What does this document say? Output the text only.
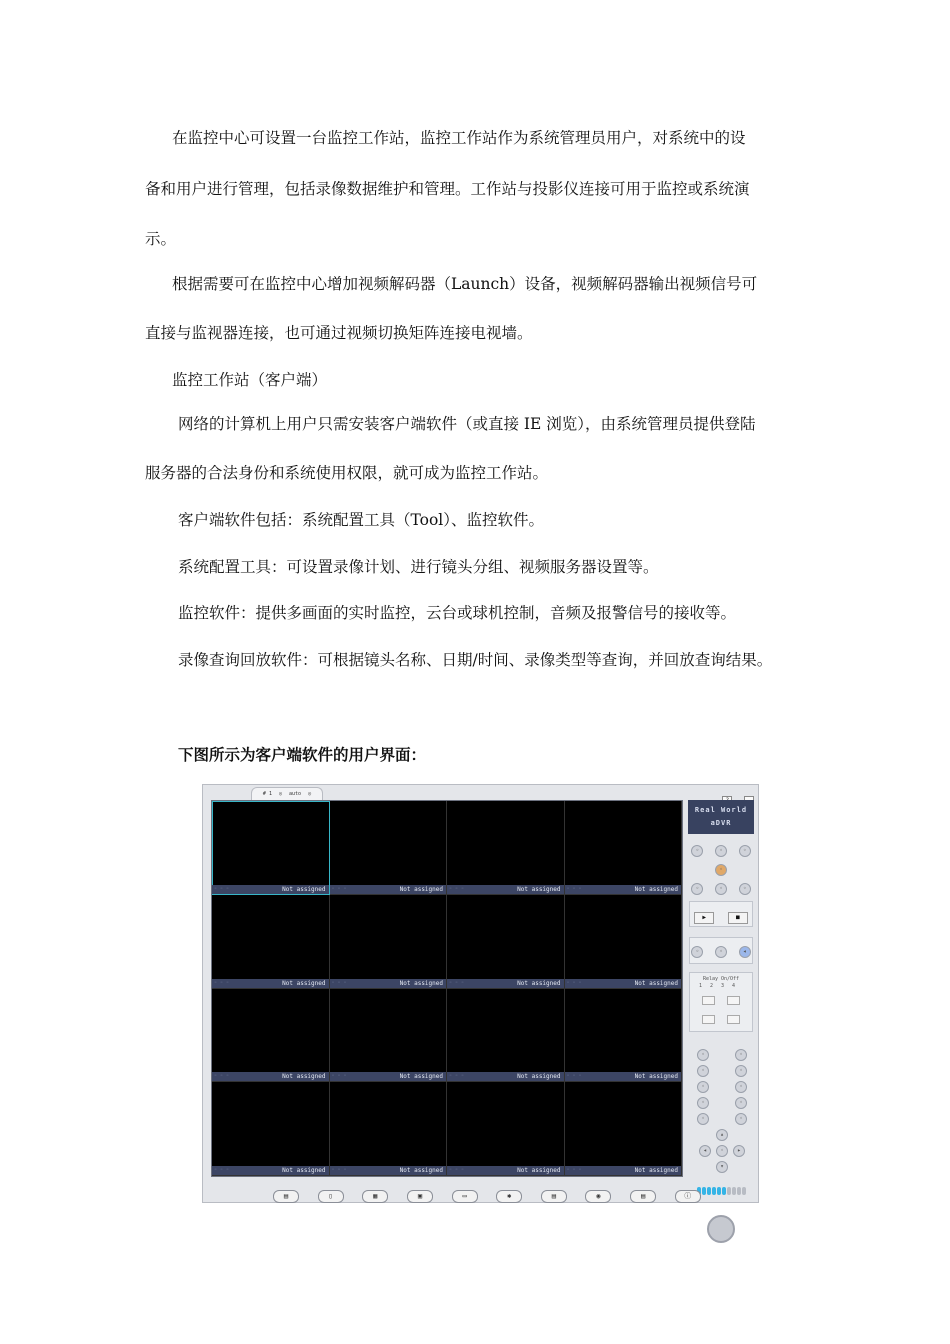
在监控中心可设置一台监控工作站，监控工作站作为系统管理员用户，对系统中的设
备和用户进行管理，包括录像数据维护和管理。工作站与投影仪连接可用于监控或系统演
示。
根据需要可在监控中心增加视频解码器（Launch）设备，视频解码器输出视频信号可
直接与监视器连接，也可通过视频切换矩阵连接电视墙。
监控工作站（客户端）
网络的计算机上用户只需安装客户端软件（或直接 IE 浏览），由系统管理员提供登陆
服务器的合法身份和系统使用权限，就可成为监控工作站。
客户端软件包括：系统配置工具（Tool）、监控软件。
系统配置工具：可设置录像计划、进行镜头分组、视频服务器设置等。
监控软件：提供多画面的实时监控，云台或球机控制，音频及报警信号的接收等。
录像查询回放软件：可根据镜头名称、日期/时间、录像类型等查询，并回放查询结果。
下图所示为客户端软件的用户界面：
# 1 ◎ auto ◎

◦ ◦ ◦	Not assigned ◦ ◦ ◦	Not assigned ◦ ◦ ◦	Not assigned ◦ ◦ ◦	Not assigned
◦ ◦ ◦	Not assigned ◦ ◦ ◦	Not assigned ◦ ◦ ◦	Not assigned ◦ ◦ ◦	Not assigned
◦ ◦ ◦	Not assigned ◦ ◦ ◦	Not assigned ◦ ◦ ◦	Not assigned ◦ ◦ ◦	Not assigned
◦ ◦ ◦	Not assigned ◦ ◦ ◦	Not assigned ◦ ◦ ◦	Not assigned ◦ ◦ ◦	Not assigned
Real World
aDVR
◦	◦	◦ ◦
◦	◦	◦
▶	■
◦	◦	◂
Relay On/Off
1234

◦	◦
◦	◦
◦	◦
◦	◦
◦	◦
▴
◂	◦	▸
▾
▤	▯	▦	▣	▭	✱	▤	◉	▤	ⓘ
